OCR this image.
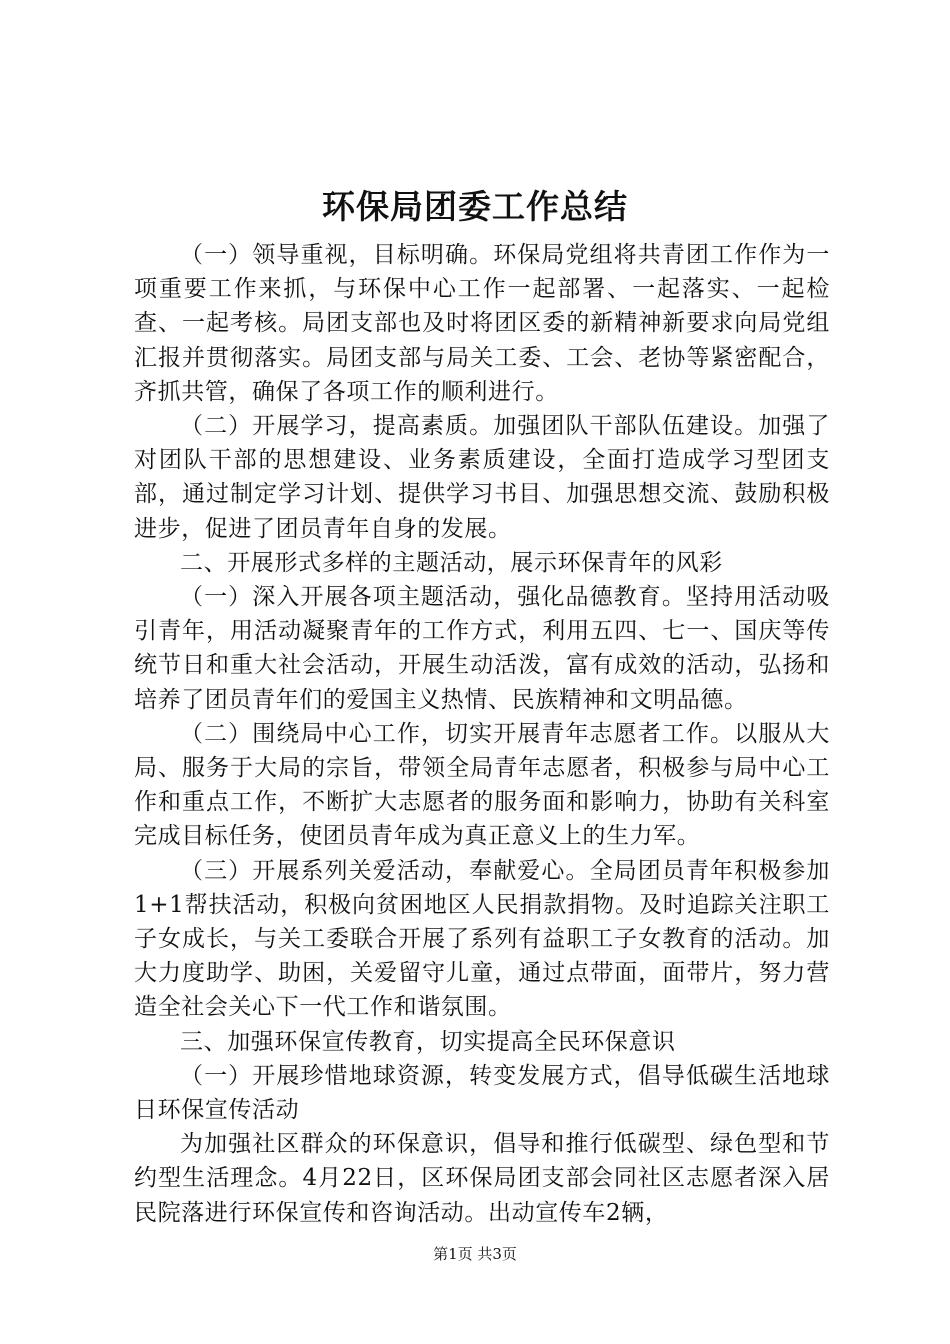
环保局团委工作总结

（一）领导重视，目标明确。环保局党组将共青团工作作为一项重要工作来抓，与环保中心工作一起部署、一起落实、一起检查、一起考核。局团支部也及时将团区委的新精神新要求向局党组汇报并贯彻落实。局团支部与局关工委、工会、老协等紧密配合，齐抓共管，确保了各项工作的顺利进行。

（二）开展学习，提高素质。加强团队干部队伍建设。加强了对团队干部的思想建设、业务素质建设，全面打造成学习型团支部，通过制定学习计划、提供学习书目、加强思想交流、鼓励积极进步，促进了团员青年自身的发展。

二、开展形式多样的主题活动，展示环保青年的风彩

（一）深入开展各项主题活动，强化品德教育。坚持用活动吸引青年，用活动凝聚青年的工作方式，利用五四、七一、国庆等传统节日和重大社会活动，开展生动活泼，富有成效的活动，弘扬和培养了团员青年们的爱国主义热情、民族精神和文明品德。

（二）围绕局中心工作，切实开展青年志愿者工作。以服从大局、服务于大局的宗旨，带领全局青年志愿者，积极参与局中心工作和重点工作，不断扩大志愿者的服务面和影响力，协助有关科室完成目标任务，使团员青年成为真正意义上的生力军。

（三）开展系列关爱活动，奉献爱心。全局团员青年积极参加1+1帮扶活动，积极向贫困地区人民捐款捐物。及时追踪关注职工子女成长，与关工委联合开展了系列有益职工子女教育的活动。加大力度助学、助困，关爱留守儿童，通过点带面，面带片，努力营造全社会关心下一代工作和谐氛围。

三、加强环保宣传教育，切实提高全民环保意识

（一）开展珍惜地球资源，转变发展方式，倡导低碳生活地球日环保宣传活动

为加强社区群众的环保意识，倡导和推行低碳型、绿色型和节约型生活理念。4月22日，区环保局团支部会同社区志愿者深入居民院落进行环保宣传和咨询活动。出动宣传车2辆，

第1页 共3页
